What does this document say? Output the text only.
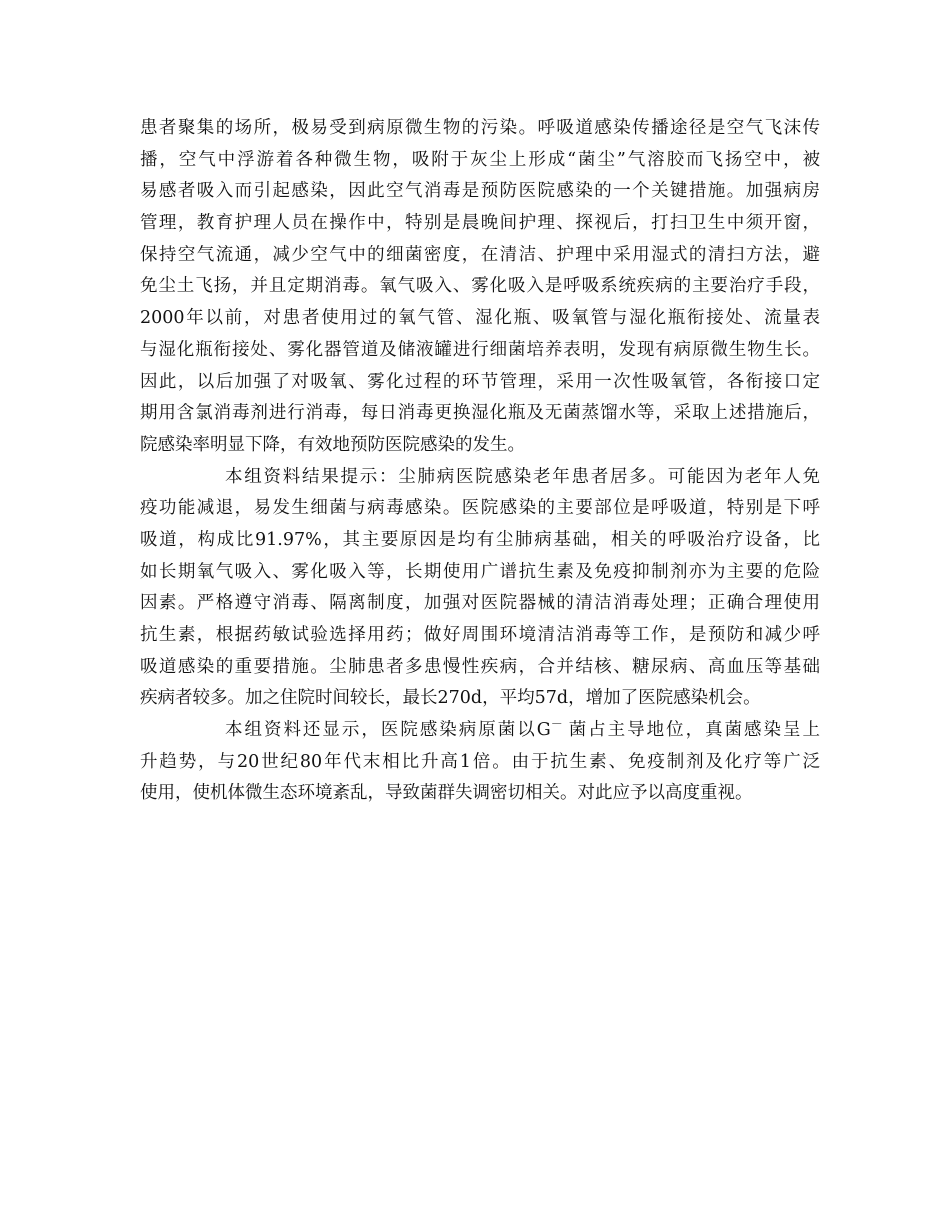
患者聚集的场所，极易受到病原微生物的污染。呼吸道感染传播途径是空气飞沫传
播，空气中浮游着各种微生物，吸附于灰尘上形成“菌尘”气溶胶而飞扬空中，被
易感者吸入而引起感染，因此空气消毒是预防医院感染的一个关键措施。加强病房
管理，教育护理人员在操作中，特别是晨晚间护理、探视后，打扫卫生中须开窗，
保持空气流通，减少空气中的细菌密度，在清洁、护理中采用湿式的清扫方法，避
免尘土飞扬，并且定期消毒。氧气吸入、雾化吸入是呼吸系统疾病的主要治疗手段，
2000年以前，对患者使用过的氧气管、湿化瓶、吸氧管与湿化瓶衔接处、流量表
与湿化瓶衔接处、雾化器管道及储液罐进行细菌培养表明，发现有病原微生物生长。
因此，以后加强了对吸氧、雾化过程的环节管理，采用一次性吸氧管，各衔接口定
期用含氯消毒剂进行消毒，每日消毒更换湿化瓶及无菌蒸馏水等，采取上述措施后，
院感染率明显下降，有效地预防医院感染的发生。
本组资料结果提示：尘肺病医院感染老年患者居多。可能因为老年人免
疫功能减退，易发生细菌与病毒感染。医院感染的主要部位是呼吸道，特别是下呼
吸道，构成比91.97%，其主要原因是均有尘肺病基础，相关的呼吸治疗设备，比
如长期氧气吸入、雾化吸入等，长期使用广谱抗生素及免疫抑制剂亦为主要的危险
因素。严格遵守消毒、隔离制度，加强对医院器械的清洁消毒处理；正确合理使用
抗生素，根据药敏试验选择用药；做好周围环境清洁消毒等工作，是预防和减少呼
吸道感染的重要措施。尘肺患者多患慢性疾病，合并结核、糖尿病、高血压等基础
疾病者较多。加之住院时间较长，最长270d，平均57d，增加了医院感染机会。
本组资料还显示，医院感染病原菌以G－ 菌占主导地位，真菌感染呈上
升趋势，与20世纪80年代末相比升高1倍。由于抗生素、免疫制剂及化疗等广泛
使用，使机体微生态环境紊乱，导致菌群失调密切相关。对此应予以高度重视。
